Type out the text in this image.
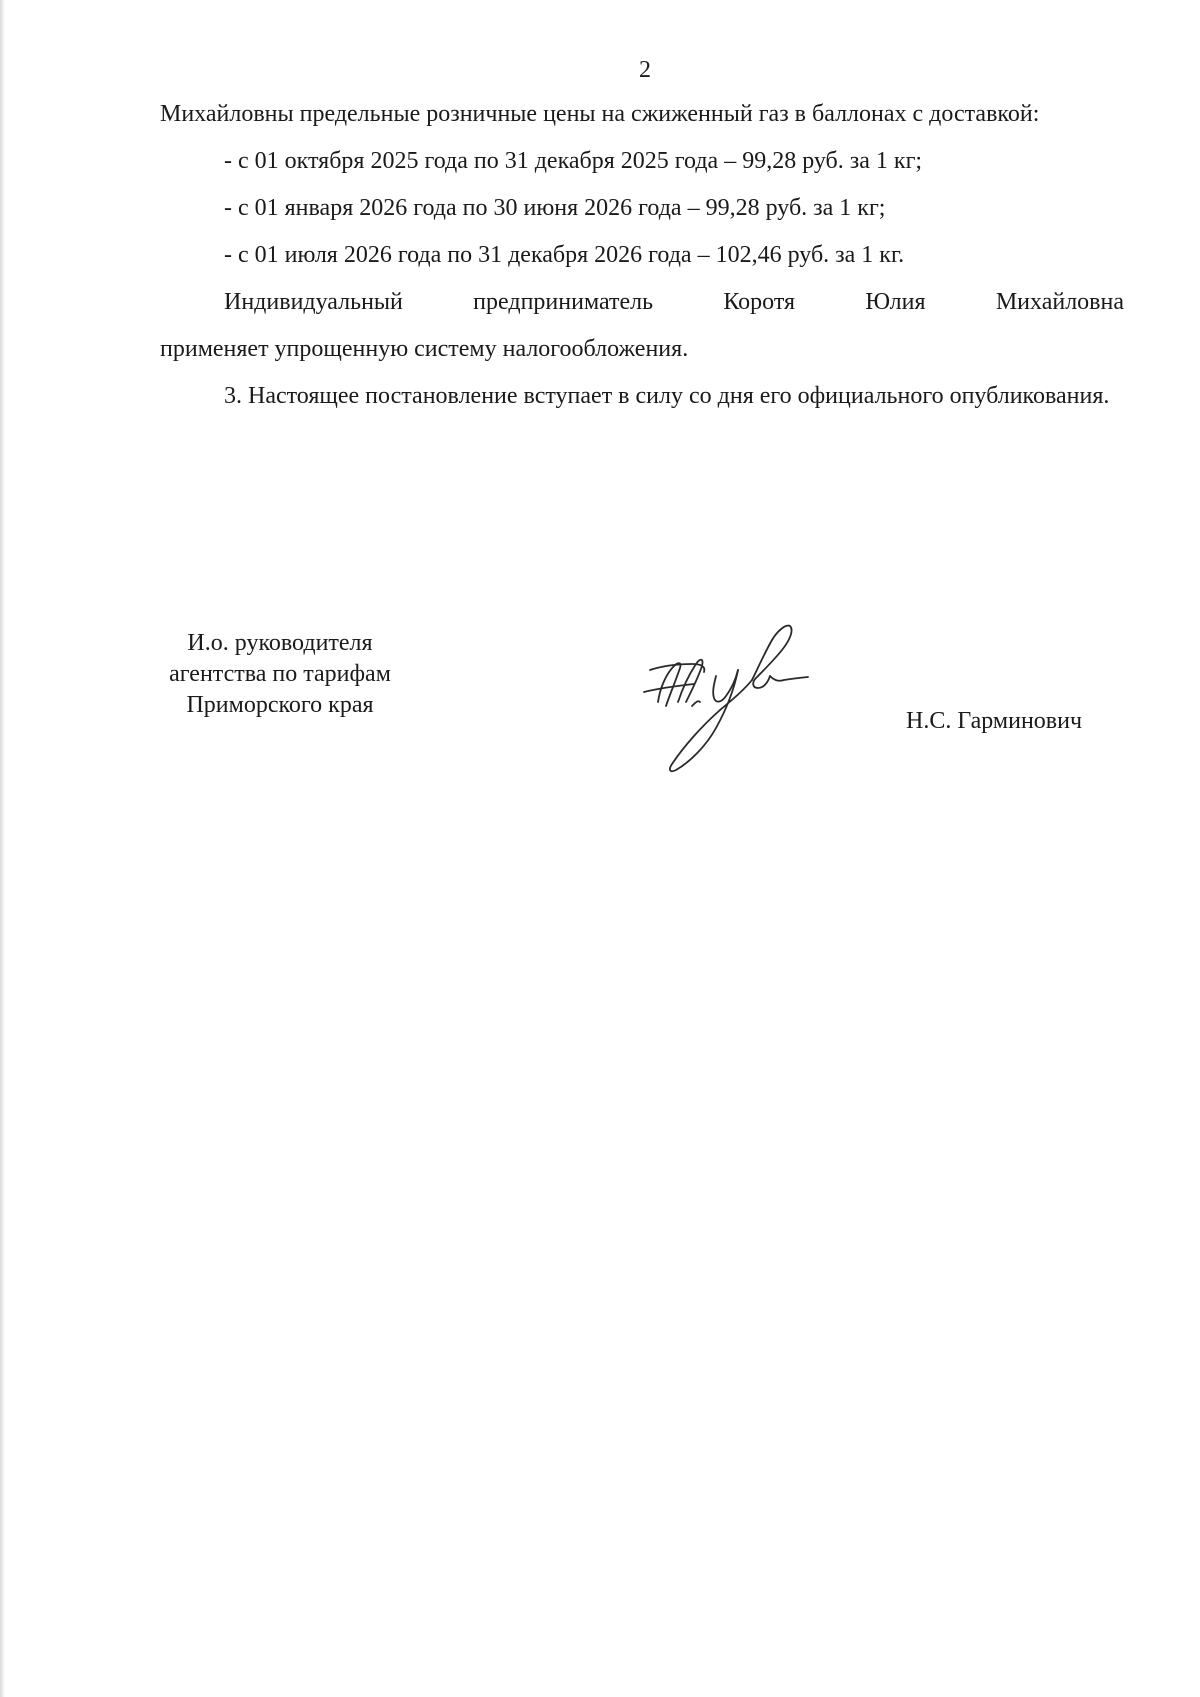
2

Михайловны предельные розничные цены на сжиженный газ в баллонах с доставкой:

- с 01 октября 2025 года по 31 декабря 2025 года – 99,28 руб. за 1 кг;

- с 01 января 2026 года по 30 июня 2026 года – 99,28 руб. за 1 кг;

- с 01 июля 2026 года по 31 декабря 2026 года – 102,46 руб. за 1 кг.

Индивидуальный предприниматель Коротя Юлия Михайловна

применяет упрощенную систему налогообложения.

3. Настоящее постановление вступает в силу со дня его официального опубликования.

И.о. руководителя
агентства по тарифам
Приморского края
Н.С. Гарминович
